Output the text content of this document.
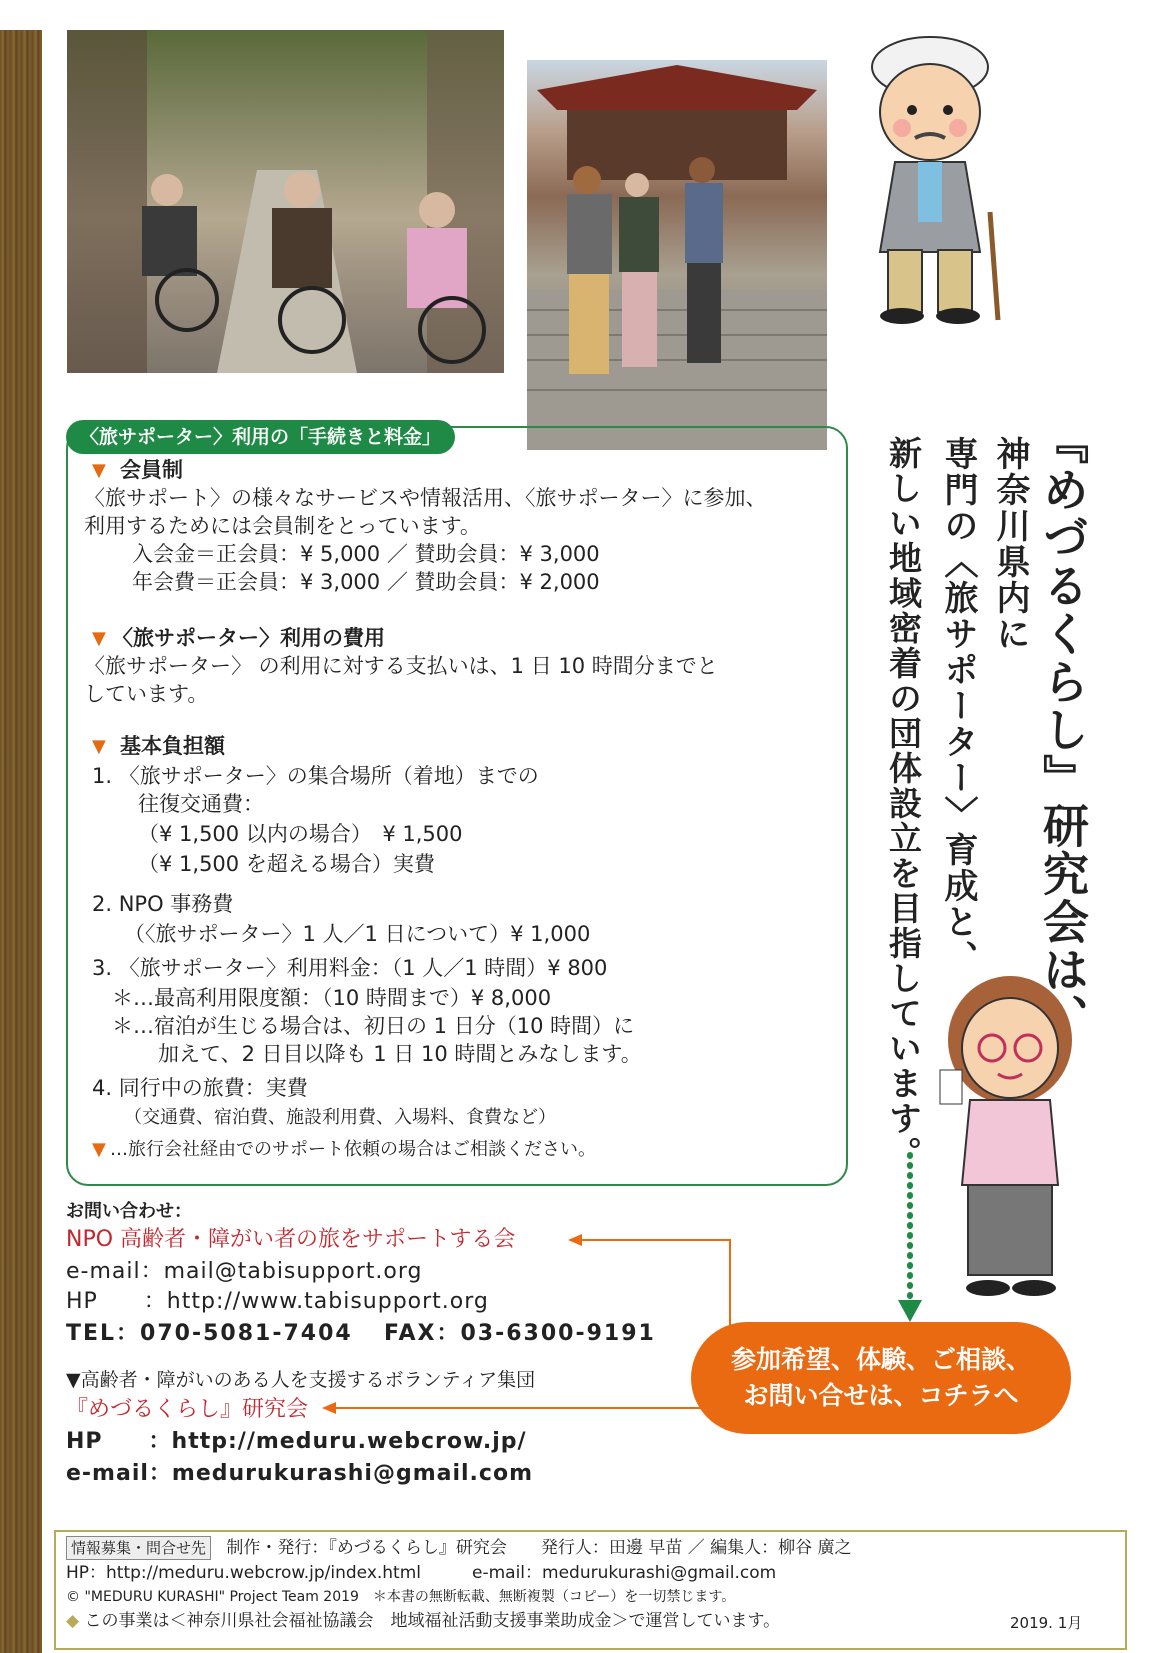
〈旅サポーター〉利用の「手続きと料金」
▼ 会員制
〈旅サポート〉の様々なサービスや情報活用、〈旅サポーター〉に参加、
利用するためには会員制をとっています。
入会金＝正会員：¥ 5,000 ／ 賛助会員：¥ 3,000
年会費＝正会員：¥ 3,000 ／ 賛助会員：¥ 2,000
▼ 〈旅サポーター〉利用の費用
〈旅サポーター〉 の利用に対する支払いは、1 日 10 時間分までと
しています。
▼ 基本負担額
1. 〈旅サポーター〉の集合場所（着地）までの
往復交通費：
（¥ 1,500 以内の場合）　¥ 1,500
（¥ 1,500 を超える場合）実費
2. NPO 事務費
（〈旅サポーター〉1 人／1 日について）¥ 1,000
3. 〈旅サポーター〉利用料金：（1 人／1 時間）¥ 800
＊…最高利用限度額：（10 時間まで）¥ 8,000
＊…宿泊が生じる場合は、初日の 1 日分（10 時間）に
加えて、2 日目以降も 1 日 10 時間とみなします。
4. 同行中の旅費：実費
（交通費、宿泊費、施設利用費、入場料、食費など）
▼ …旅行会社経由でのサポート依頼の場合はご相談ください。
『めづるくらし』研究会は、
神奈川県内に
専門の〈旅サポーター〉育成と、
新しい地域密着の団体設立を目指しています。
お問い合わせ：
NPO 高齢者・障がい者の旅をサポートする会
e-mail：mail@tabisupport.org
HP　　：http://www.tabisupport.org
TEL：070-5081-7404 FAX：03-6300-9191
▼高齢者・障がいのある人を支援するボランティア集団
『めづるくらし』研究会
HP　　：http://meduru.webcrow.jp/
e-mail：medurukurashi@gmail.com
参加希望、体験、ご相談、
お問い合せは、コチラへ
情報募集・問合せ先 制作・発行：『めづるくらし』研究会　　発行人：田邊 早苗 ／ 編集人：柳谷 廣之
HP：http://meduru.webcrow.jp/index.html　　　e-mail：medurukurashi@gmail.com
© "MEDURU KURASHI" Project Team 2019　＊本書の無断転載、無断複製（コピー）を一切禁じます。
◆ この事業は＜神奈川県社会福祉協議会　地域福祉活動支援事業助成金＞で運営しています。	2019. 1月
